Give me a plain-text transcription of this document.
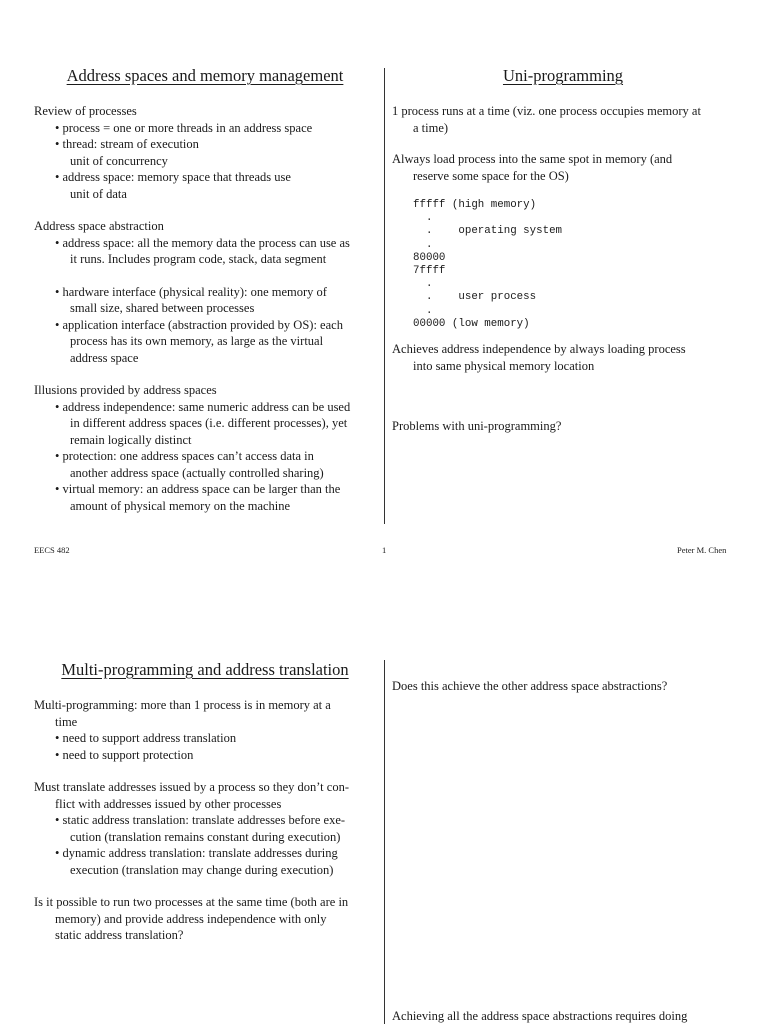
Address spaces and memory management
Review of processes
• process = one or more threads in an address space
• thread: stream of execution
unit of concurrency
• address space: memory space that threads use
unit of data
Address space abstraction
• address space: all the memory data the process can use as
it runs. Includes program code, stack, data segment
• hardware interface (physical reality): one memory of
small size, shared between processes
• application interface (abstraction provided by OS): each
process has its own memory, as large as the virtual
address space
Illusions provided by address spaces
• address independence: same numeric address can be used
in different address spaces (i.e. different processes), yet
remain logically distinct
• protection: one address spaces can’t access data in
another address space (actually controlled sharing)
• virtual memory: an address space can be larger than the
amount of physical memory on the machine
Uni-programming
1 process runs at a time (viz. one process occupies memory at
a time)
Always load process into the same spot in memory (and
reserve some space for the OS)
fffff (high memory)
.
.    operating system
.
80000
7ffff
.
.    user process
.
00000 (low memory)
Achieves address independence by always loading process
into same physical memory location
Problems with uni-programming?
EECS 482	1	Peter M. Chen
Multi-programming and address translation
Multi-programming: more than 1 process is in memory at a
time
• need to support address translation
• need to support protection
Must translate addresses issued by a process so they don’t con-
flict with addresses issued by other processes
• static address translation: translate addresses before exe-
cution (translation remains constant during execution)
• dynamic address translation: translate addresses during
execution (translation may change during execution)
Is it possible to run two processes at the same time (both are in
memory) and provide address independence with only
static address translation?
Does this achieve the other address space abstractions?
Achieving all the address space abstractions requires doing
